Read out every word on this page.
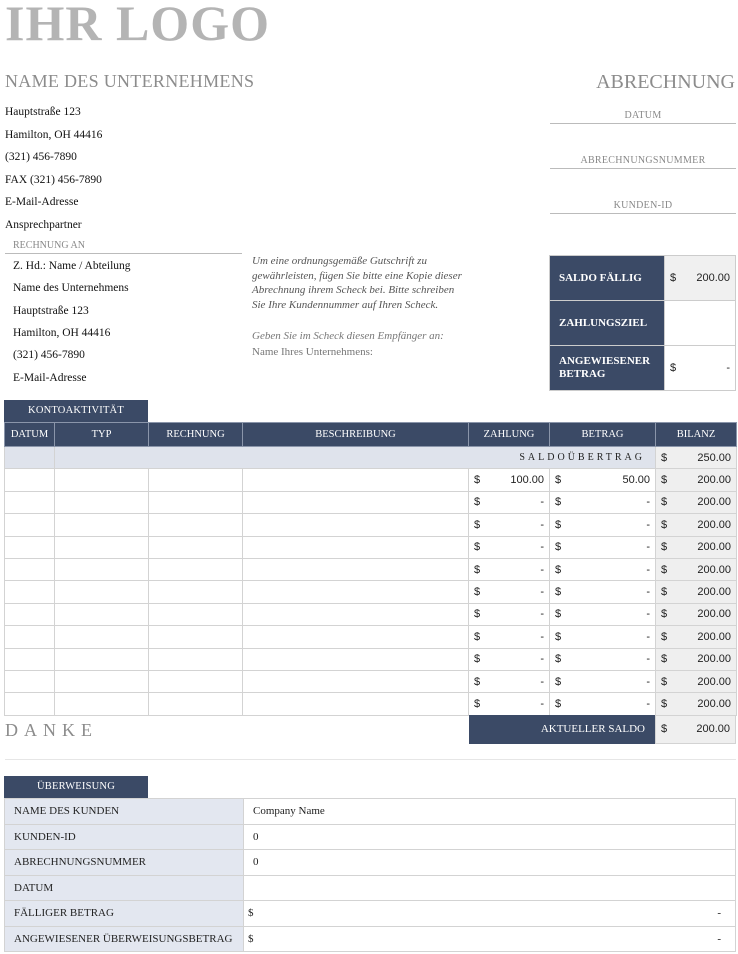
IHR LOGO
NAME DES UNTERNEHMENS	ABRECHNUNG
Hauptstraße 123
Hamilton, OH 44416
(321) 456-7890
FAX (321) 456-7890
E-Mail-Adresse
Ansprechpartner
DATUM
ABRECHNUNGSNUMMER
KUNDEN-ID
RECHNUNG AN
Z. Hd.: Name / Abteilung
Name des Unternehmens
Hauptstraße 123
Hamilton, OH 44416
(321) 456-7890
E-Mail-Adresse
Um eine ordnungsgemäße Gutschrift zu gewährleisten, fügen Sie bitte eine Kopie dieser Abrechnung ihrem Scheck bei. Bitte schreiben Sie Ihre Kundennummer auf Ihren Scheck.
Geben Sie im Scheck diesen Empfänger an:
Name Ihres Unternehmens:
SALDO FÄLLIG	$ 200.00

ZAHLUNGSZIEL	
ANGEWIESENER BETRAG	$ -
KONTOAKTIVITÄT
DATUM	TYP	RECHNUNG	BESCHREIBUNG	ZAHLUNG	BETRAG	BILANZ
	SALDOÜBERTRAG					$ 250.00

				$ 100.00	$ 50.00	$ 200.00

				$ -	$ -	$ 200.00

				$ -	$ -	$ 200.00

				$ -	$ -	$ 200.00

				$ -	$ -	$ 200.00

				$ -	$ -	$ 200.00

				$ -	$ -	$ 200.00

				$ -	$ -	$ 200.00

				$ -	$ -	$ 200.00

				$ -	$ -	$ 200.00

				$ -	$ -	$ 200.00
DANKE	AKTUELLER SALDO	$	200.00
ÜBERWEISUNG
NAME DES KUNDEN	Company Name
KUNDEN-ID	0
ABRECHNUNGSNUMMER	0
DATUM	
FÄLLIGER BETRAG	$ -

ANGEWIESENER ÜBERWEISUNGSBETRAG	$ -
